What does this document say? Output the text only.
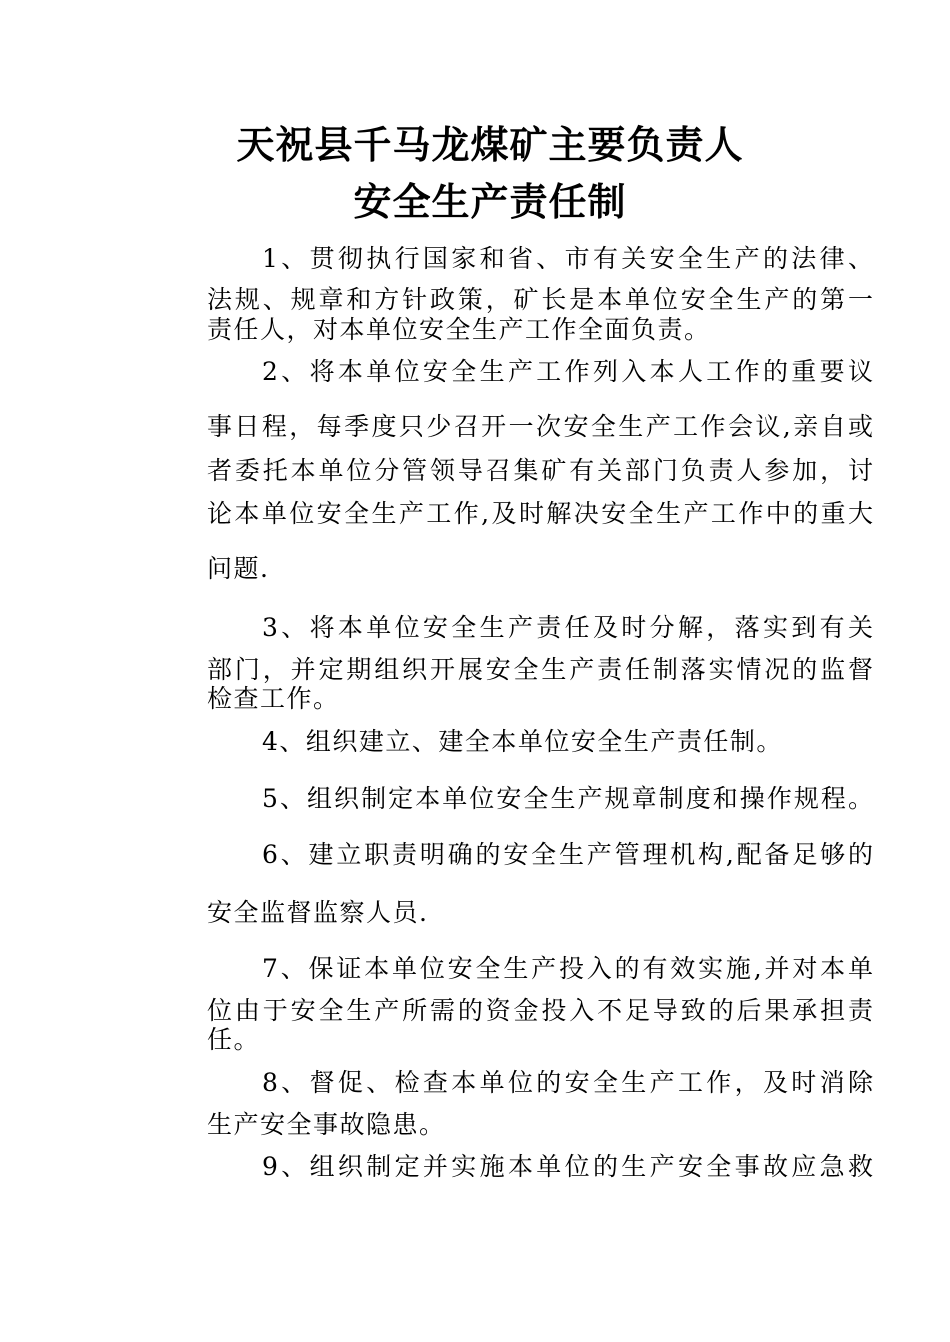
天祝县千马龙煤矿主要负责人
安全生产责任制
1、贯彻执行国家和省、市有关安全生产的法律、
法规、规章和方针政策，矿长是本单位安全生产的第一
责任人，对本单位安全生产工作全面负责。
2、将本单位安全生产工作列入本人工作的重要议
事日程，每季度只少召开一次安全生产工作会议,亲自或
者委托本单位分管领导召集矿有关部门负责人参加，讨
论本单位安全生产工作,及时解决安全生产工作中的重大
问题.
3、将本单位安全生产责任及时分解，落实到有关
部门，并定期组织开展安全生产责任制落实情况的监督
检查工作。
4、组织建立、建全本单位安全生产责任制。
5、组织制定本单位安全生产规章制度和操作规程。
6、建立职责明确的安全生产管理机构,配备足够的
安全监督监察人员.
7、保证本单位安全生产投入的有效实施,并对本单
位由于安全生产所需的资金投入不足导致的后果承担责
任。
8、督促、检查本单位的安全生产工作，及时消除
生产安全事故隐患。
9、组织制定并实施本单位的生产安全事故应急救
